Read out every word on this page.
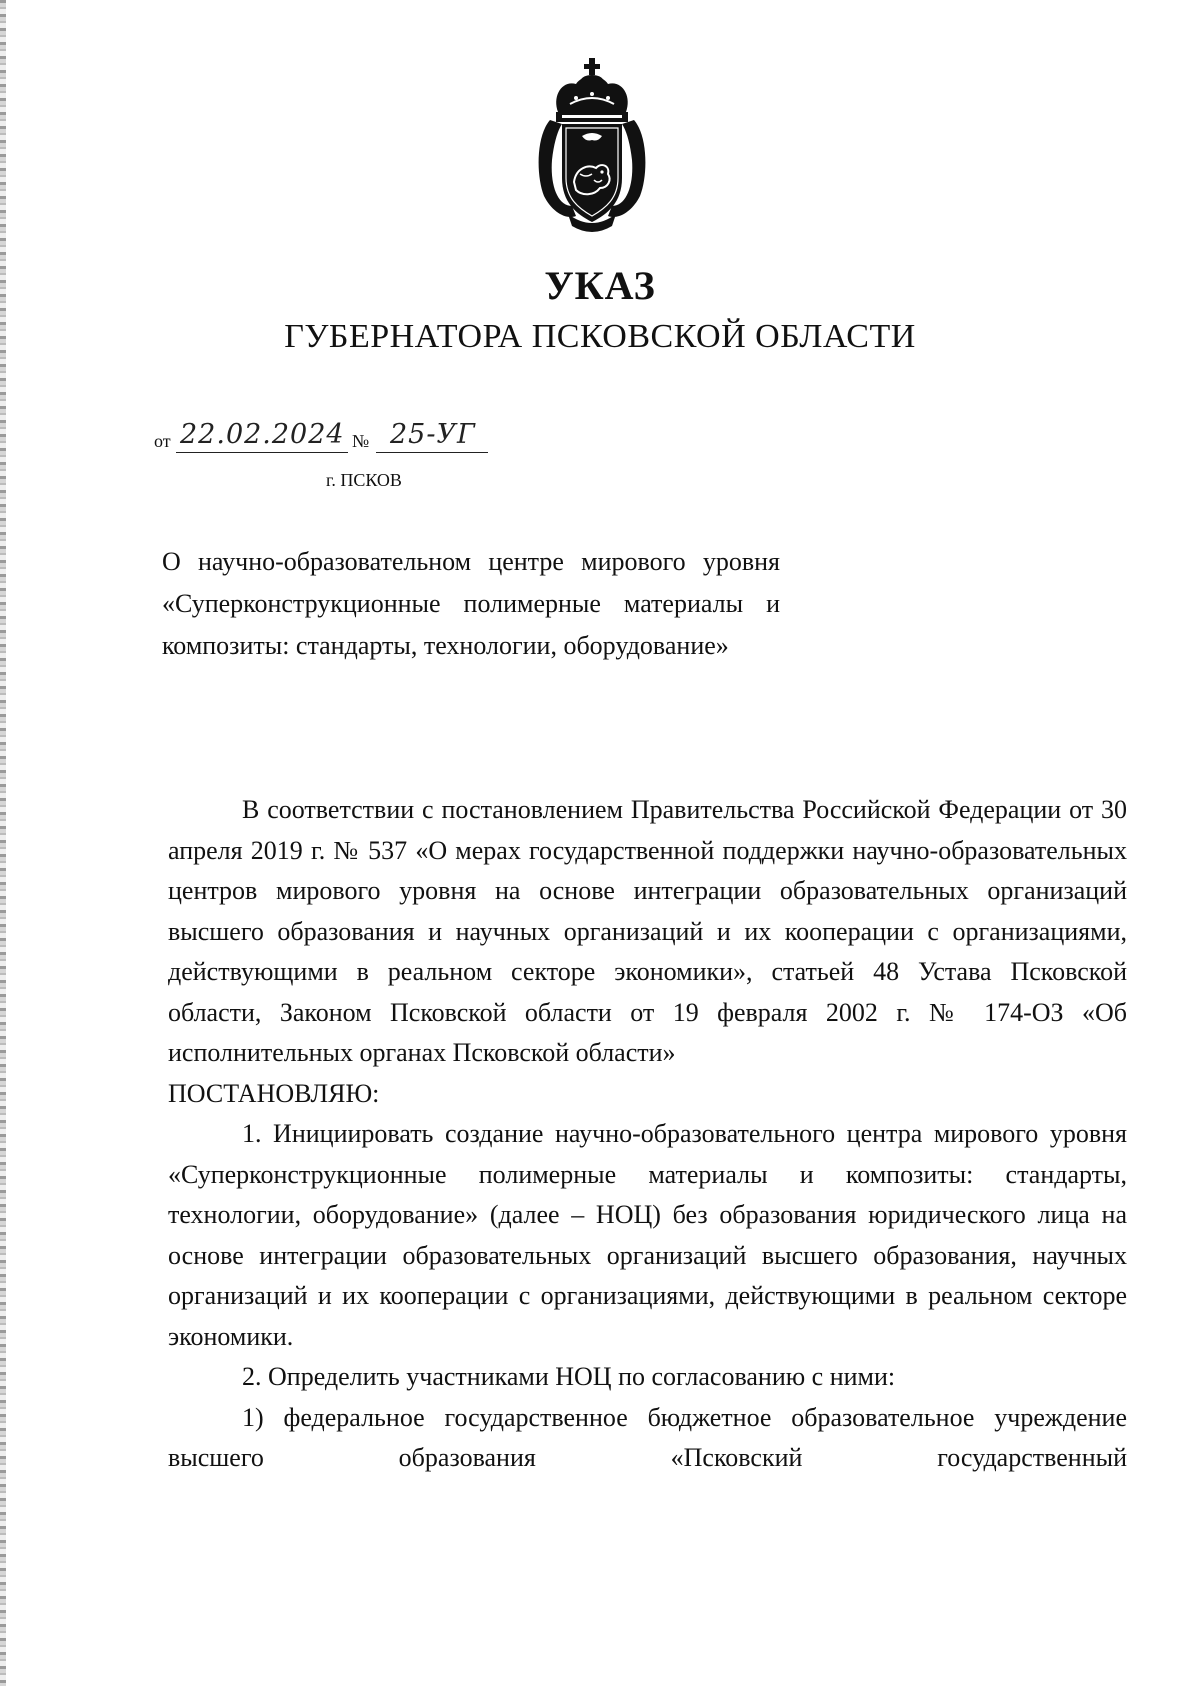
УКАЗ
ГУБЕРНАТОРА ПСКОВСКОЙ ОБЛАСТИ
от 22.02.2024 № 25-УГ
г. ПСКОВ
О научно-образовательном центре мирового уровня «Суперконструкционные полимерные материалы и композиты: стандарты, технологии, оборудование»

В соответствии с постановлением Правительства Российской Федерации от 30 апреля 2019 г. № 537 «О мерах государственной поддержки научно-образовательных центров мирового уровня на основе интеграции образовательных организаций высшего образования и научных организаций и их кооперации с организациями, действующими в реальном секторе экономики», статьей 48 Устава Псковской области, Законом Псковской области от 19 февраля 2002 г. № 174-ОЗ «Об исполнительных органах Псковской области»

ПОСТАНОВЛЯЮ:

1. Инициировать создание научно-образовательного центра мирового уровня «Суперконструкционные полимерные материалы и композиты: стандарты, технологии, оборудование» (далее – НОЦ) без образования юридического лица на основе интеграции образовательных организаций высшего образования, научных организаций и их кооперации с организациями, действующими в реальном секторе экономики.

2. Определить участниками НОЦ по согласованию с ними:

1) федеральное государственное бюджетное образовательное учреждение высшего образования «Псковский государственный
